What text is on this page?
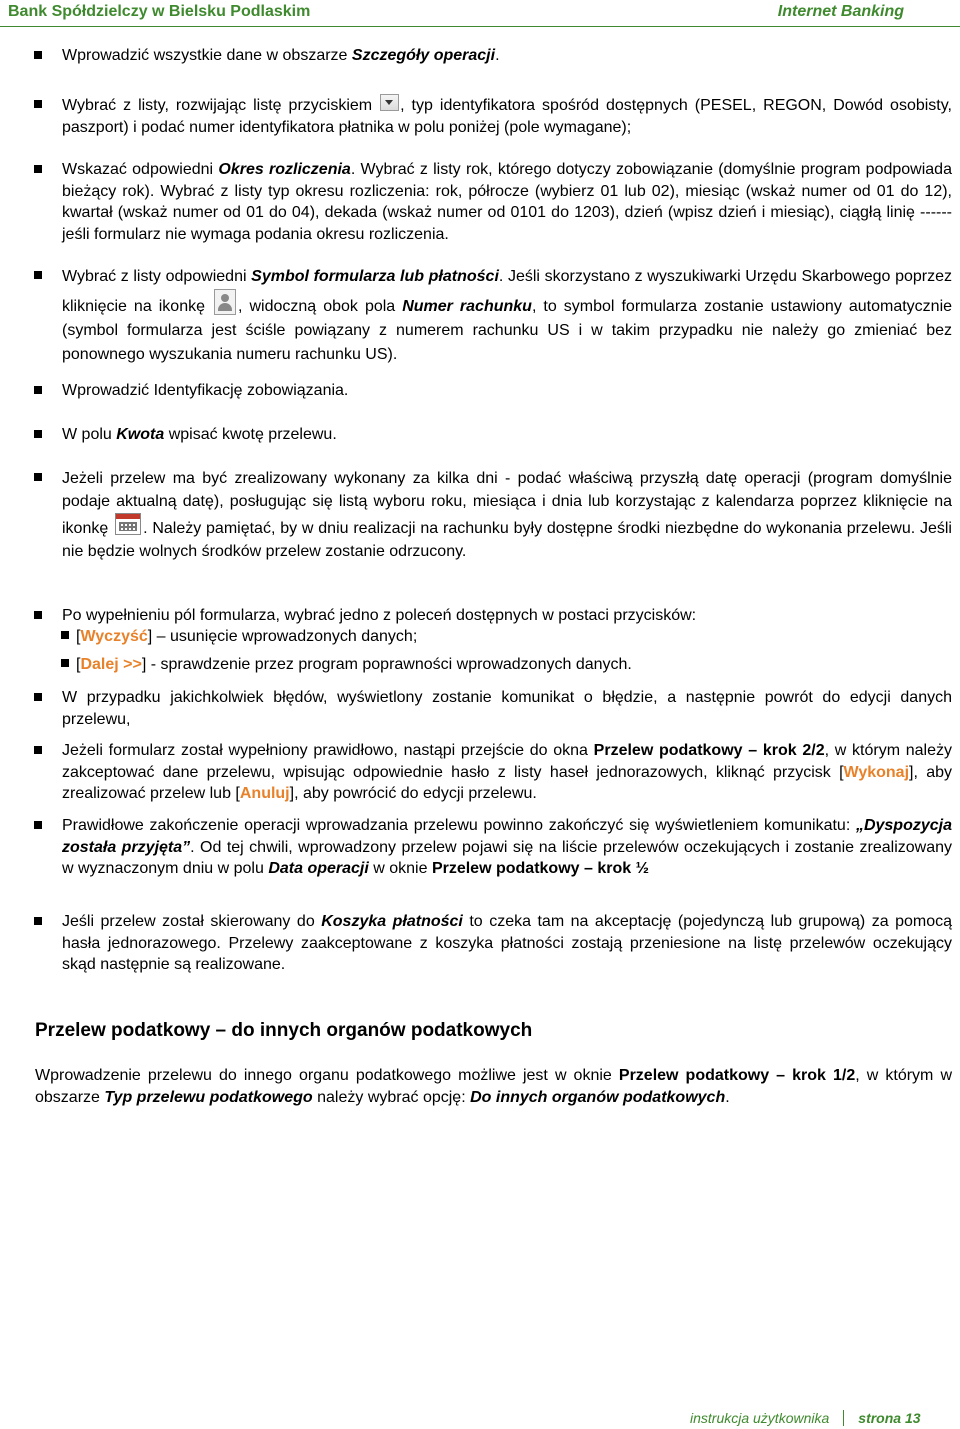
Bank Spółdzielczy w Bielsku Podlaskim	Internet Banking
Wprowadzić wszystkie dane w obszarze Szczegóły operacji.
Wybrać z listy, rozwijając listę przyciskiem , typ identyfikatora spośród dostępnych (PESEL, REGON, Dowód osobisty, paszport) i podać numer identyfikatora płatnika w polu poniżej (pole wymagane);
Wskazać odpowiedni Okres rozliczenia. Wybrać z listy rok, którego dotyczy zobowiązanie (domyślnie program podpowiada bieżący rok). Wybrać z listy typ okresu rozliczenia: rok, półrocze (wybierz 01 lub 02), miesiąc (wskaż numer od 01 do 12), kwartał (wskaż numer od 01 do 04), dekada (wskaż numer od 0101 do 1203), dzień (wpisz dzień i miesiąc), ciągłą linię ------ jeśli formularz nie wymaga podania okresu rozliczenia.
Wybrać z listy odpowiedni Symbol formularza lub płatności. Jeśli skorzystano z wyszukiwarki Urzędu Skarbowego poprzez kliknięcie na ikonkę , widoczną obok pola Numer rachunku, to symbol formularza zostanie ustawiony automatycznie (symbol formularza jest ściśle powiązany z numerem rachunku US i w takim przypadku nie należy go zmieniać bez ponownego wyszukania numeru rachunku US).
Wprowadzić Identyfikację zobowiązania.
W polu Kwota wpisać kwotę przelewu.
Jeżeli przelew ma być zrealizowany wykonany za kilka dni - podać właściwą przyszłą datę operacji (program domyślnie podaje aktualną datę), posługując się listą wyboru roku, miesiąca i dnia lub korzystając z kalendarza poprzez kliknięcie na ikonkę . Należy pamiętać, by w dniu realizacji na rachunku były dostępne środki niezbędne do wykonania przelewu. Jeśli nie będzie wolnych środków przelew zostanie odrzucony.
Po wypełnieniu pól formularza, wybrać jedno z poleceń dostępnych w postaci przycisków:
[Wyczyść] – usunięcie wprowadzonych danych;
[Dalej >>] - sprawdzenie przez program poprawności wprowadzonych danych.
W przypadku jakichkolwiek błędów, wyświetlony zostanie komunikat o błędzie, a następnie powrót do edycji danych przelewu,
Jeżeli formularz został wypełniony prawidłowo, nastąpi przejście do okna Przelew podatkowy – krok 2/2, w którym należy zakceptować dane przelewu, wpisując odpowiednie hasło z listy haseł jednorazowych, kliknąć przycisk [Wykonaj], aby zrealizować przelew lub [Anuluj], aby powrócić do edycji przelewu.
Prawidłowe zakończenie operacji wprowadzania przelewu powinno zakończyć się wyświetleniem komunikatu: „Dyspozycja została przyjęta”. Od tej chwili, wprowadzony przelew pojawi się na liście przelewów oczekujących i zostanie zrealizowany w wyznaczonym dniu w polu Data operacji w oknie Przelew podatkowy – krok ½
Jeśli przelew został skierowany do Koszyka płatności to czeka tam na akceptację (pojedynczą lub grupową) za pomocą hasła jednorazowego. Przelewy zaakceptowane z koszyka płatności zostają przeniesione na listę przelewów oczekujący skąd następnie są realizowane.
Przelew podatkowy – do innych organów podatkowych
Wprowadzenie przelewu do innego organu podatkowego możliwe jest w oknie Przelew podatkowy – krok 1/2, w którym w obszarze Typ przelewu podatkowego należy wybrać opcję: Do innych organów podatkowych.
instrukcja użytkownika strona 13
